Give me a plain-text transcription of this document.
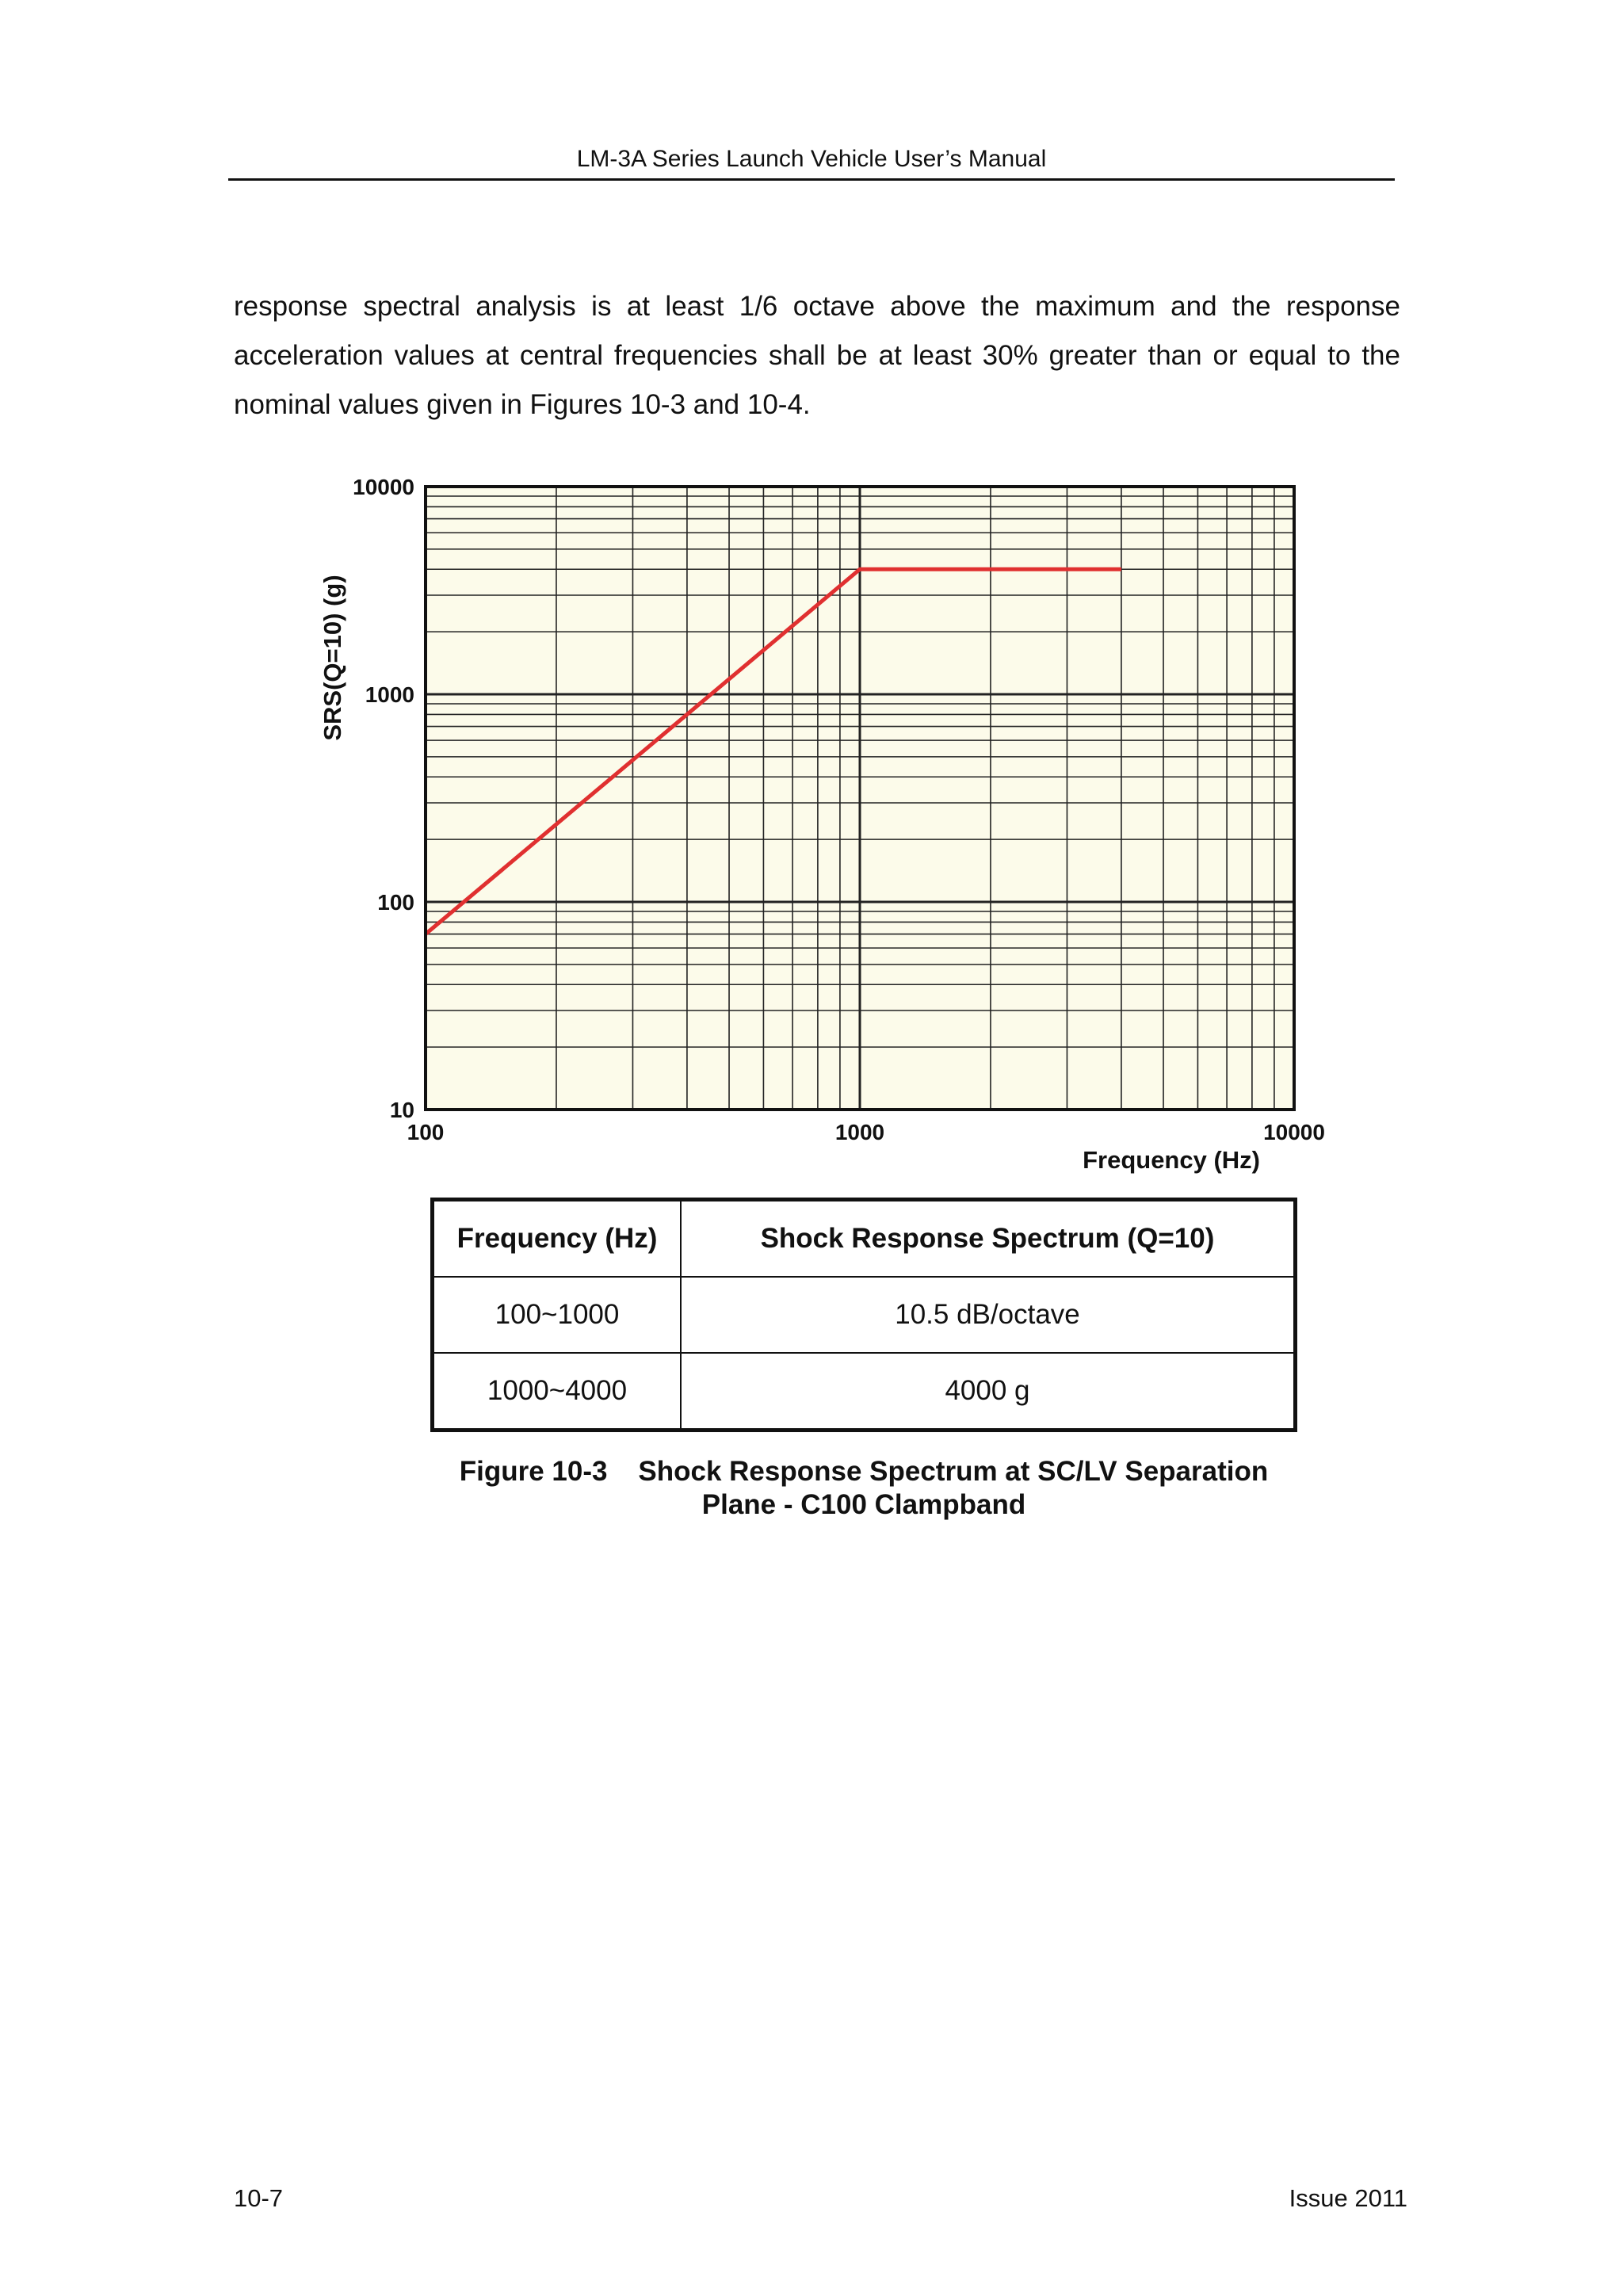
LM-3A Series Launch Vehicle User’s Manual

response spectral analysis is at least 1/6 octave above the maximum and the response acceleration values at central frequencies shall be at least 30% greater than or equal to the nominal values given in Figures 10-3 and 10-4.

10
100
1000
10000
100	1000	10000
SRS(Q=10) (g)
Frequency (Hz)
Frequency (Hz)	Shock Response Spectrum (Q=10)
100~1000	10.5 dB/octave
1000~4000	4000 g
Figure 10-3 Shock Response Spectrum at SC/LV Separation
Plane - C100 Clampband
10-7	Issue 2011
